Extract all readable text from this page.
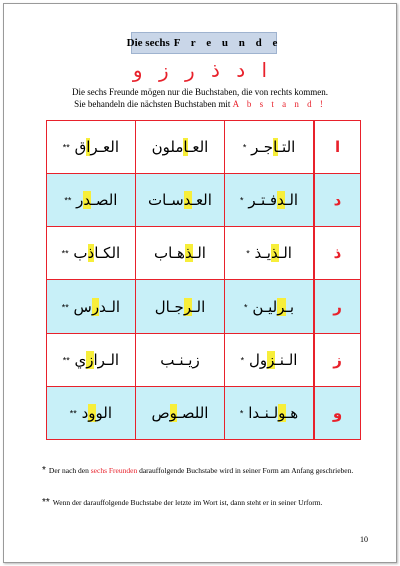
Die sechs F r e u n d e
ا د ذ ر ز و
Die sechs Freunde mögen nur die Buchstaben, die von rechts kommen.
Sie behandeln die nächsten Buchstaben mit A b s t a n d !
ا		التـاجـر *	العـاملون	العـراق **
د		الـدفـتـر *	العـدسـات	الصـدر **
ذ		الـذيـذ *	الـذهـاب	الكـاذب **
ر		بـرليـن *	الـرجـال	الـدرس **
ز		الـنـزول *	زيـنـب	الـرازي **
و		هـولـنـدا *	اللصـوص	الوود **
* Der nach den sechs Freunden darauffolgende Buchstabe wird in seiner Form am Anfang geschrieben.
** Wenn der darauffolgende Buchstabe der letzte im Wort ist, dann steht er in seiner Urform.
10
